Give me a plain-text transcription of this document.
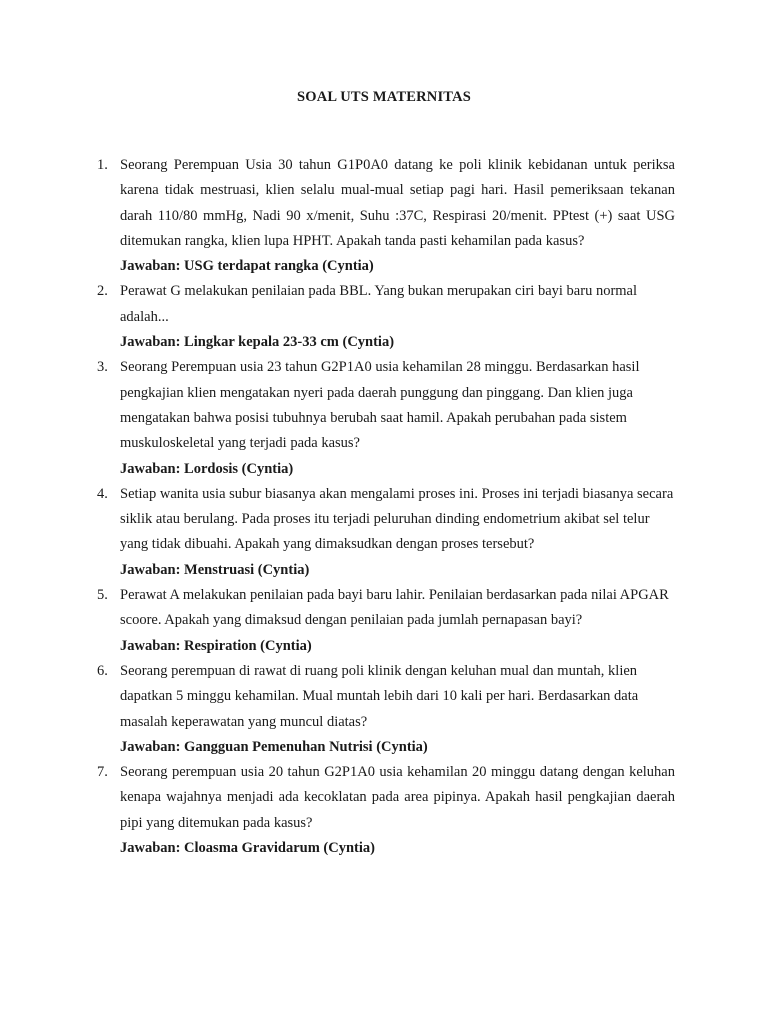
SOAL UTS MATERNITAS
1. Seorang Perempuan Usia 30 tahun G1P0A0 datang ke poli klinik kebidanan untuk periksa karena tidak mestruasi, klien selalu mual-mual setiap pagi hari. Hasil pemeriksaan tekanan darah 110/80 mmHg, Nadi 90 x/menit, Suhu :37C, Respirasi 20/menit. PPtest (+) saat USG ditemukan rangka, klien lupa HPHT. Apakah tanda pasti kehamilan pada kasus?

Jawaban: USG terdapat rangka (Cyntia)

2. Perawat G melakukan penilaian pada BBL. Yang bukan merupakan ciri bayi baru normal adalah...

Jawaban: Lingkar kepala 23-33 cm (Cyntia)

3. Seorang Perempuan usia 23 tahun G2P1A0 usia kehamilan 28 minggu. Berdasarkan hasil pengkajian klien mengatakan nyeri pada daerah punggung dan pinggang. Dan klien juga mengatakan bahwa posisi tubuhnya berubah saat hamil. Apakah perubahan pada sistem muskuloskeletal yang terjadi pada kasus?

Jawaban: Lordosis (Cyntia)

4. Setiap wanita usia subur biasanya akan mengalami proses ini. Proses ini terjadi biasanya secara siklik atau berulang. Pada proses itu terjadi peluruhan dinding endometrium akibat sel telur yang tidak dibuahi. Apakah yang dimaksudkan dengan proses tersebut?

Jawaban: Menstruasi (Cyntia)

5. Perawat A melakukan penilaian pada bayi baru lahir. Penilaian berdasarkan pada nilai APGAR scoore. Apakah yang dimaksud dengan penilaian pada jumlah pernapasan bayi?

Jawaban: Respiration (Cyntia)

6. Seorang perempuan di rawat di ruang poli klinik dengan keluhan mual dan muntah, klien dapatkan 5 minggu kehamilan. Mual muntah lebih dari 10 kali per hari. Berdasarkan data masalah keperawatan yang muncul diatas?

Jawaban: Gangguan Pemenuhan Nutrisi (Cyntia)

7. Seorang perempuan usia 20 tahun G2P1A0 usia kehamilan 20 minggu datang dengan keluhan kenapa wajahnya menjadi ada kecoklatan pada area pipinya. Apakah hasil pengkajian daerah pipi yang ditemukan pada kasus?

Jawaban: Cloasma Gravidarum (Cyntia)
